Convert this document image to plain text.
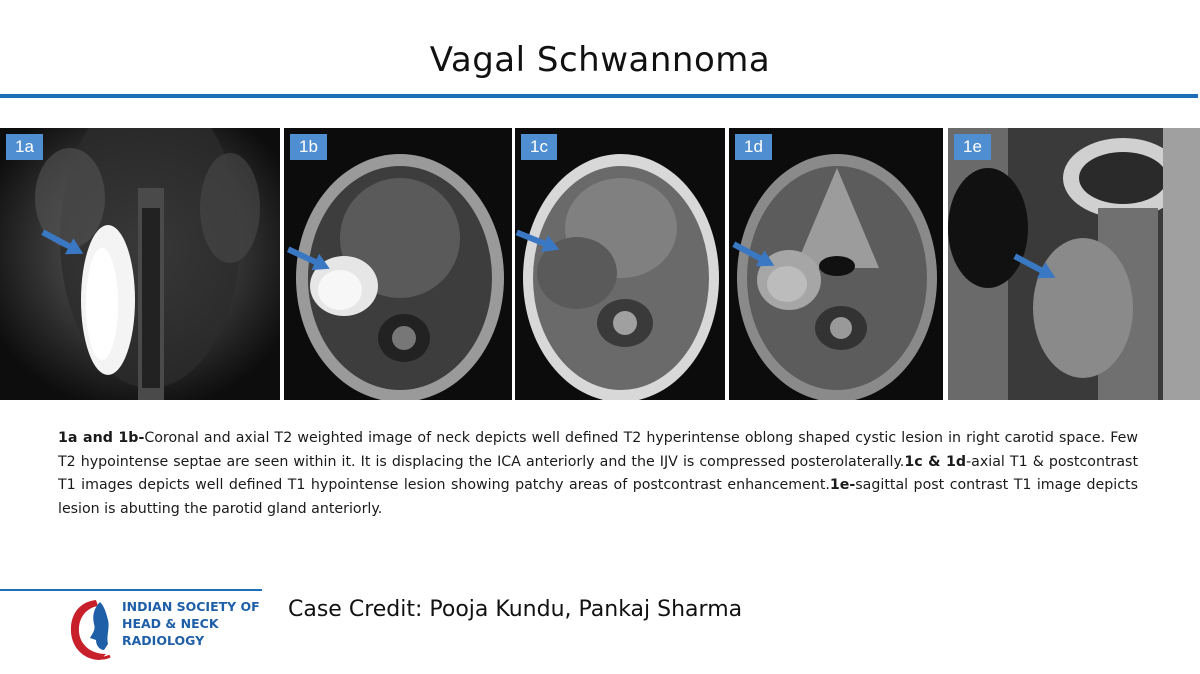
Vagal Schwannoma
1a	1b	1c	1d	1e
1a and 1b-Coronal and axial T2 weighted image of neck depicts well defined T2 hyperintense oblong shaped cystic lesion in right carotid space. Few T2 hypointense septae are seen within it. It is displacing the ICA anteriorly and the IJV is compressed posterolaterally.1c & 1d-axial T1 & postcontrast T1 images depicts well defined T1 hypointense lesion showing patchy areas of postcontrast enhancement.1e-sagittal post contrast T1 image depicts lesion is abutting the parotid gland anteriorly.
INDIAN SOCIETY OF
HEAD & NECK
RADIOLOGY
Case Credit: Pooja Kundu, Pankaj Sharma
